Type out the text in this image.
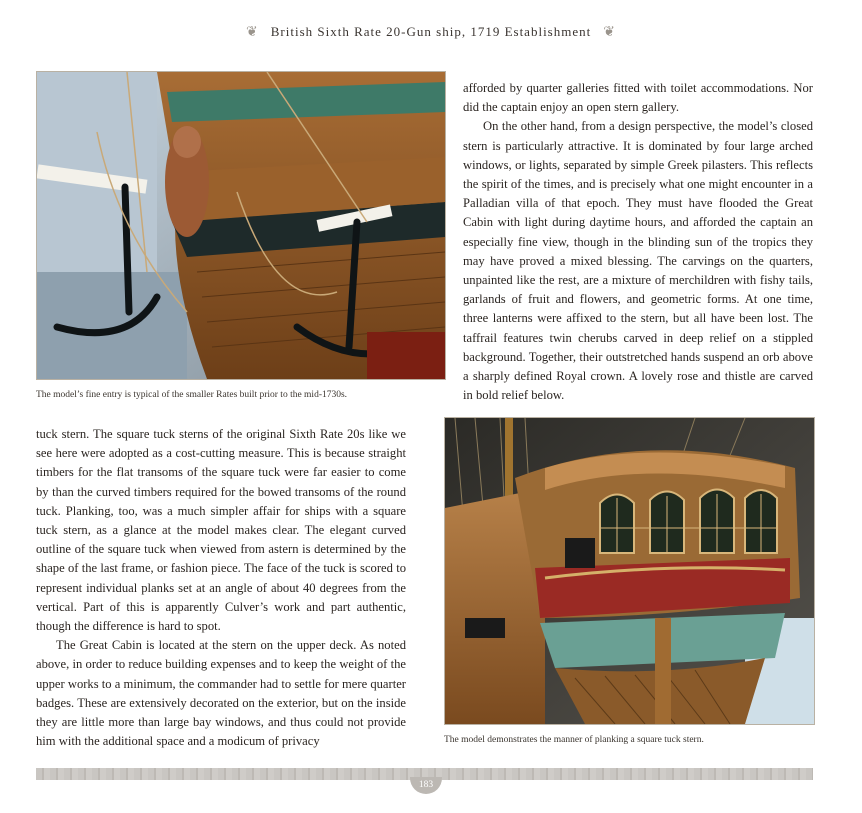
❦ British Sixth Rate 20-Gun ship, 1719 Establishment ❦
The model’s fine entry is typical of the smaller Rates built prior to the mid-1730s.

afforded by quarter galleries fitted with toilet accommodations. Nor did the captain enjoy an open stern gallery.

On the other hand, from a design perspective, the model’s closed stern is particularly attractive. It is dominated by four large arched windows, or lights, separated by simple Greek pilasters. This reflects the spirit of the times, and is precisely what one might encounter in a Palladian villa of that epoch. They must have flooded the Great Cabin with light during daytime hours, and afforded the captain an especially fine view, though in the blinding sun of the tropics they may have proved a mixed blessing. The carvings on the quarters, unpainted like the rest, are a mixture of merchildren with fishy tails, garlands of fruit and flowers, and geometric forms. At one time, three lanterns were affixed to the stern, but all have been lost. The taffrail features twin cherubs carved in deep relief on a stippled background. Together, their outstretched hands suspend an orb above a sharply defined Royal crown. A lovely rose and thistle are carved in bold relief below.

tuck stern. The square tuck sterns of the original Sixth Rate 20s like we see here were adopted as a cost-cutting measure. This is because straight timbers for the flat transoms of the square tuck were far easier to come by than the curved timbers required for the bowed transoms of the round tuck. Planking, too, was a much simpler affair for ships with a square tuck stern, as a glance at the model makes clear. The elegant curved outline of the square tuck when viewed from astern is determined by the shape of the last frame, or fashion piece. The face of the tuck is scored to represent individual planks set at an angle of about 40 degrees from the vertical. Part of this is apparently Culver’s work and part authentic, though the difference is hard to spot.

The Great Cabin is located at the stern on the upper deck. As noted above, in order to reduce building expenses and to keep the weight of the upper works to a minimum, the commander had to settle for mere quarter badges. These are extensively decorated on the exterior, but on the inside they are little more than large bay windows, and thus could not provide him with the additional space and a modicum of privacy	The model demonstrates the manner of planking a square tuck stern.
183
